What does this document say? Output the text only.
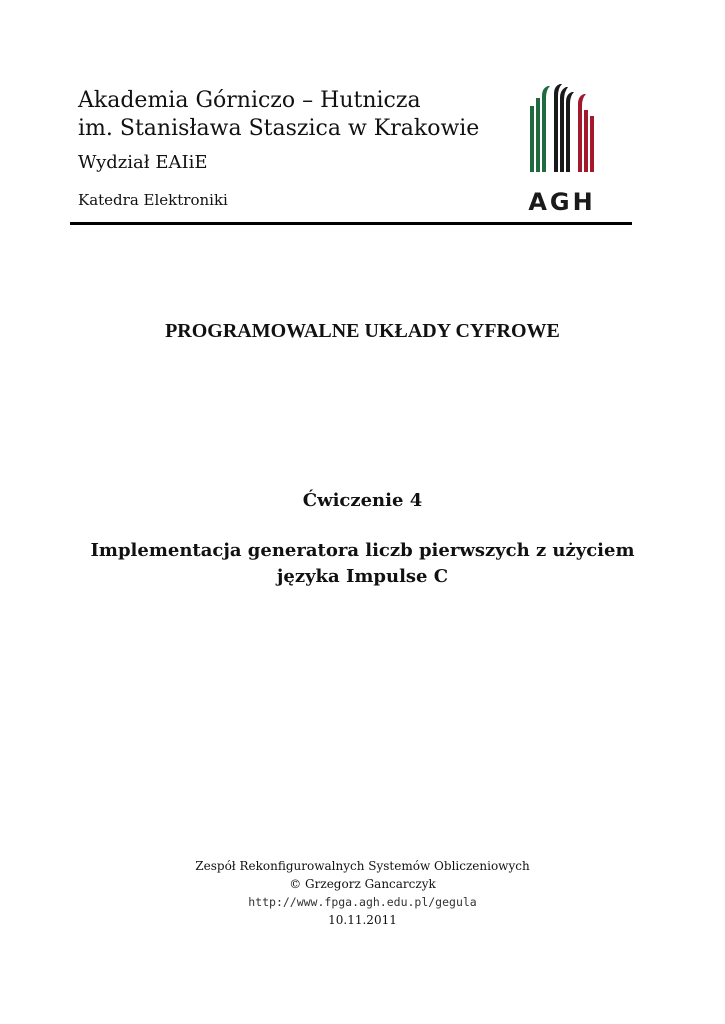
Akademia Górniczo – Hutnicza
im. Stanisława Staszica w Krakowie
Wydział EAIiE
Katedra Elektroniki	AGH
PROGRAMOWALNE UKŁADY CYFROWE
Ćwiczenie 4
Implementacja generatora liczb pierwszych z użyciem
języka Impulse C
Zespół Rekonfigurowalnych Systemów Obliczeniowych
© Grzegorz Gancarczyk
http://www.fpga.agh.edu.pl/gegula
10.11.2011
